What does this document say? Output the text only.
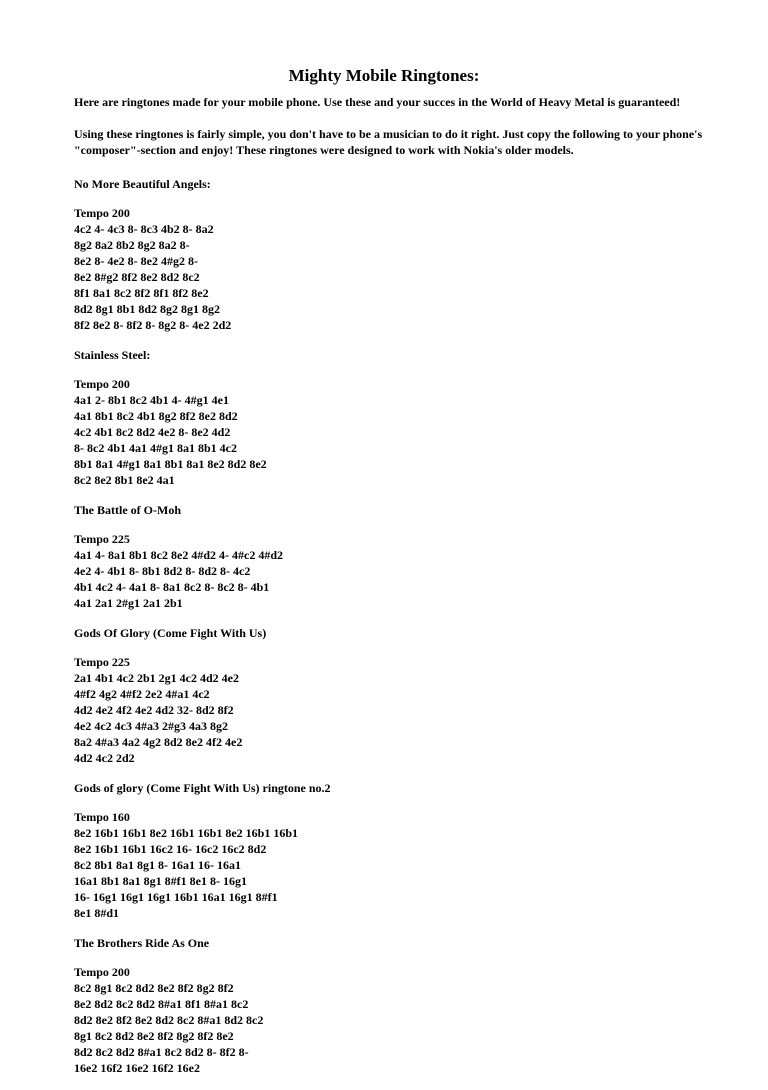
Mighty Mobile Ringtones:

Here are ringtones made for your mobile phone. Use these and your succes in the World of Heavy Metal is guaranteed!

Using these ringtones is fairly simple, you don't have to be a musician to do it right. Just copy the following to your phone's "composer"-section and enjoy! These ringtones were designed to work with Nokia's older models.

No More Beautiful Angels:

Tempo 200
4c2 4- 4c3 8- 8c3 4b2 8- 8a2
8g2 8a2 8b2 8g2 8a2 8-
8e2 8- 4e2 8- 8e2 4#g2 8-
8e2 8#g2 8f2 8e2 8d2 8c2
8f1 8a1 8c2 8f2 8f1 8f2 8e2
8d2 8g1 8b1 8d2 8g2 8g1 8g2
8f2 8e2 8- 8f2 8- 8g2 8- 4e2 2d2

Stainless Steel:

Tempo 200
4a1 2- 8b1 8c2 4b1 4- 4#g1 4e1
4a1 8b1 8c2 4b1 8g2 8f2 8e2 8d2
4c2 4b1 8c2 8d2 4e2 8- 8e2 4d2
8- 8c2 4b1 4a1 4#g1 8a1 8b1 4c2
8b1 8a1 4#g1 8a1 8b1 8a1 8e2 8d2 8e2
8c2 8e2 8b1 8e2 4a1

The Battle of O-Moh

Tempo 225
4a1 4- 8a1 8b1 8c2 8e2 4#d2 4- 4#c2 4#d2
4e2 4- 4b1 8- 8b1 8d2 8- 8d2 8- 4c2
4b1 4c2 4- 4a1 8- 8a1 8c2 8- 8c2 8- 4b1
4a1 2a1 2#g1 2a1 2b1

Gods Of Glory (Come Fight With Us)

Tempo 225
2a1 4b1 4c2 2b1 2g1 4c2 4d2 4e2
4#f2 4g2 4#f2 2e2 4#a1 4c2
4d2 4e2 4f2 4e2 4d2 32- 8d2 8f2
4e2 4c2 4c3 4#a3 2#g3 4a3 8g2
8a2 4#a3 4a2 4g2 8d2 8e2 4f2 4e2
4d2 4c2 2d2

Gods of glory (Come Fight With Us) ringtone no.2

Tempo 160
8e2 16b1 16b1 8e2 16b1 16b1 8e2 16b1 16b1
8e2 16b1 16b1 16c2 16- 16c2 16c2 8d2
8c2 8b1 8a1 8g1 8- 16a1 16- 16a1
16a1 8b1 8a1 8g1 8#f1 8e1 8- 16g1
16- 16g1 16g1 16g1 16b1 16a1 16g1 8#f1
8e1 8#d1

The Brothers Ride As One

Tempo 200
8c2 8g1 8c2 8d2 8e2 8f2 8g2 8f2
8e2 8d2 8c2 8d2 8#a1 8f1 8#a1 8c2
8d2 8e2 8f2 8e2 8d2 8c2 8#a1 8d2 8c2
8g1 8c2 8d2 8e2 8f2 8g2 8f2 8e2
8d2 8c2 8d2 8#a1 8c2 8d2 8- 8f2 8-
16e2 16f2 16e2 16f2 16e2
